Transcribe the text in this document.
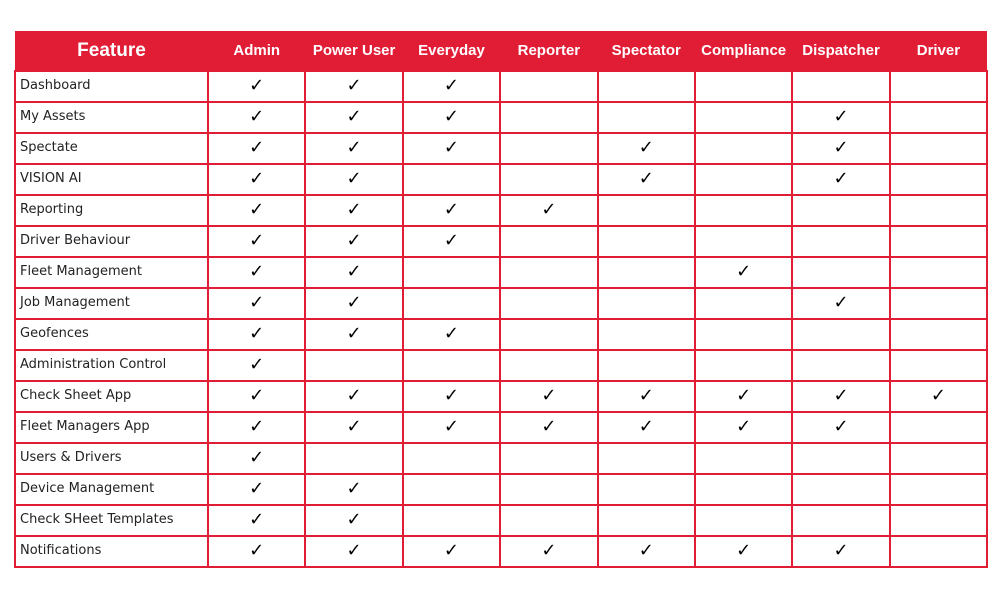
Feature	Admin	Power User	Everyday	Reporter	Spectator	Compliance	Dispatcher	Driver
Dashboard	✓	✓	✓					
My Assets	✓	✓	✓				✓	
Spectate	✓	✓	✓		✓		✓	
VISION AI	✓	✓			✓		✓	
Reporting	✓	✓	✓	✓				
Driver Behaviour	✓	✓	✓					
Fleet Management	✓	✓				✓		
Job Management	✓	✓					✓	
Geofences	✓	✓	✓					
Administration Control	✓							
Check Sheet App	✓	✓	✓	✓	✓	✓	✓	✓
Fleet Managers App	✓	✓	✓	✓	✓	✓	✓	
Users & Drivers	✓							
Device Management	✓	✓						
Check SHeet Templates	✓	✓						
Notifications	✓	✓	✓	✓	✓	✓	✓	
